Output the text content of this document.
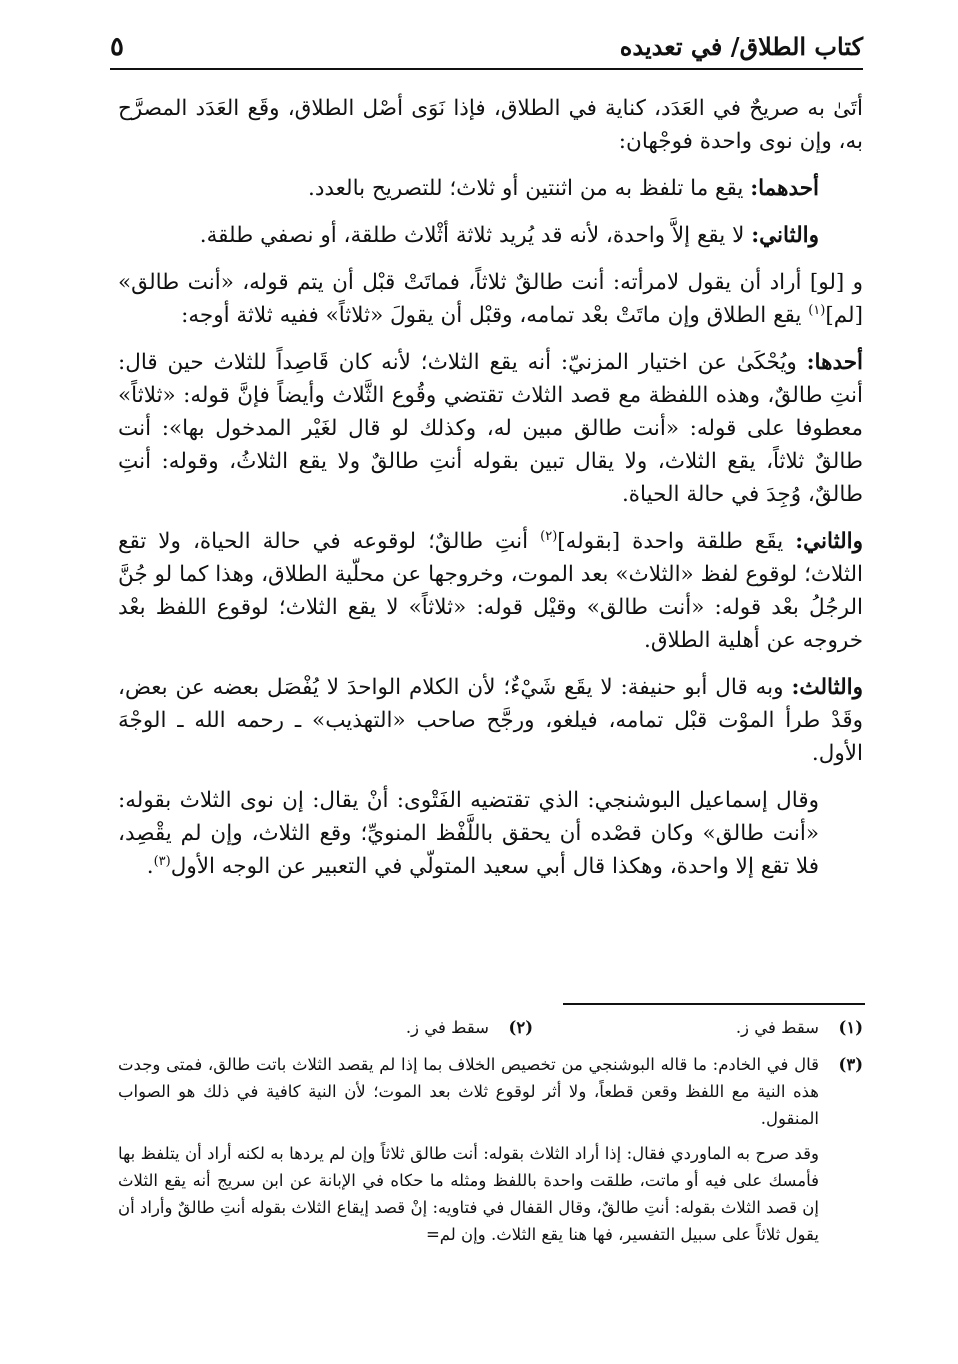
كتاب الطلاق/ في تعديده
٥

أتَىٰ به صريحٌ في العَدَد، كناية في الطلاق، فإذا نَوَى أصْل الطلاق، وقَع العَدَد المصرَّح به، وإن نوى واحدة فوجْهان:

أحدهما: يقع ما تلفظ به من اثنتين أو ثلاث؛ للتصريح بالعدد.

والثاني: لا يقع إلاَّ واحدة، لأنه قد يُريد ثلاثة أثْلاث طلقة، أو نصفي طلقة.

و [لو] أراد أن يقول لامرأته: أنت طالقٌ ثلاثاً، فماتَتْ قبْل أن يتم قوله، «أنت طالق» [لم]$^{(١)}$ يقع الطلاق وإن ماتَتْ بعْد تمامه، وقبْل أن يقولَ «ثلاثاً» ففيه ثلاثة أوجه:

أحدها: ويُحْكَىٰ عن اختيار المزنيّ: أنه يقع الثلاث؛ لأنه كان قَاصِداً للثلاث حين قال: أنتِ طالقٌ، وهذه اللفظة مع قصد الثلاث تقتضي وقُوع الثَّلاث وأيضاً فإنَّ قوله: «ثلاثاً» معطوفا على قوله: «أنت طالق مبين له، وكذلك لو قال لغَيْر المدخول بها»: أنت طالقٌ ثلاثاً، يقع الثلاث، ولا يقال تبين بقوله أنتِ طالقٌ ولا يقع الثلاثُ، وقوله: أنتِ طالقٌ، وُجِدَ في حالة الحياة.

والثاني: يقَع طلقة واحدة [بقوله]$^{(٢)}$ أنتِ طالقٌ؛ لوقوعه في حالة الحياة، ولا تقع الثلاث؛ لوقوع لفظ «الثلاث» بعد الموت، وخروجها عن محلّية الطلاق، وهذا كما لو جُنَّ الرجُلُ بعْد قوله: «أنت طالق» وقيْل قوله: «ثلاثاً» لا يقع الثلاث؛ لوقوع اللفظ بعْد خروجه عن أهلية الطلاق.

والثالث: وبه قال أبو حنيفة: لا يقَع شَيْءٌ؛ لأن الكلام الواحدَ لا يُفْصَل بعضه عن بعض، وقَدْ طرأ الموْت قبْل تمامه، فيلغو، ورجَّح صاحب «التهذيب» ـ رحمه الله ـ الوجْهَ الأول.

وقال إسماعيل البوشنجي: الذي تقتضيه الفَتْوى: أنْ يقال: إن نوى الثلاث بقوله: «أنت طالق» وكان قصْده أن يحقق باللَّفْظ المنويِّ؛ وقع الثلاث، وإن لم يقْصِد، فلا تقع إلا واحدة، وهكذا قال أبي سعيد المتولّي في التعبير عن الوجه الأول$^{(٣)}$.

(١)
سقط في ز.
(٢)
سقط في ز.
(٣)
قال في الخادم: ما قاله البوشنجي من تخصيص الخلاف بما إذا لم يقصد الثلاث باتت طالق، فمتى وجدت هذه النية مع اللفظ وقعن قطعاً، ولا أثر لوقوع ثلاث بعد الموت؛ لأن النية كافية في ذلك هو الصواب المنقول.
وقد صرح به الماوردي فقال: إذا أراد الثلاث بقوله: أنت طالق ثلاثاً وإن لم يردها به لكنه أراد أن يتلفظ بها فأمسك على فيه أو ماتت، طلقت واحدة باللفظ ومثله ما حكاه في الإبانة عن ابن سريج أنه يقع الثلاث إن قصد الثلاث بقوله: أنتِ طالقٌ، وقال القفال في فتاويه: إنْ قصد إيقاع الثلاث بقوله أنتِ طالقٌ وأراد أن يقول ثلاثاً على سبيل التفسير، فها هنا يقع الثلاث. وإن لم=
